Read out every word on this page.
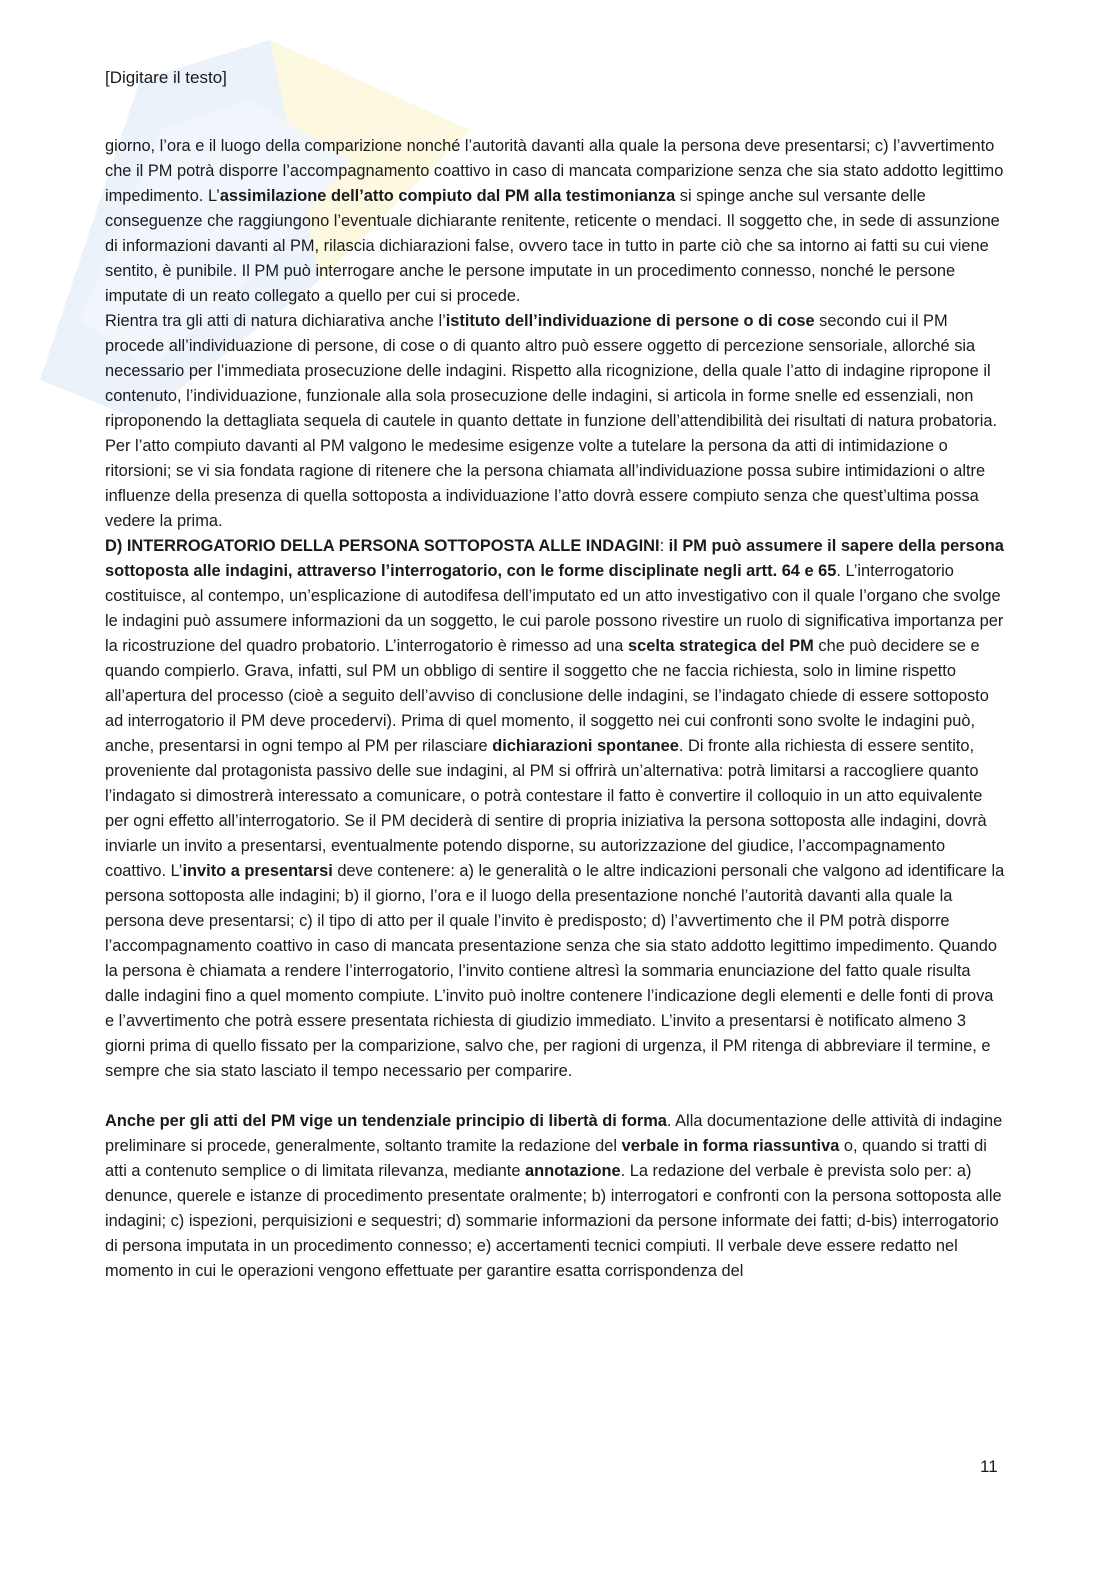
[Digitare il testo]

giorno, l’ora e il luogo della comparizione nonché l’autorità davanti alla quale la persona deve presentarsi; c) l’avvertimento che il PM potrà disporre l’accompagnamento coattivo in caso di mancata comparizione senza che sia stato addotto legittimo impedimento. L’assimilazione dell’atto compiuto dal PM alla testimonianza si spinge anche sul versante delle conseguenze che raggiungono l’eventuale dichiarante renitente, reticente o mendaci. Il soggetto che, in sede di assunzione di informazioni davanti al PM, rilascia dichiarazioni false, ovvero tace in tutto in parte ciò che sa intorno ai fatti su cui viene sentito, è punibile. Il PM può interrogare anche le persone imputate in un procedimento connesso, nonché le persone imputate di un reato collegato a quello per cui si procede.

Rientra tra gli atti di natura dichiarativa anche l’istituto dell’individuazione di persone o di cose secondo cui il PM procede all’individuazione di persone, di cose o di quanto altro può essere oggetto di percezione sensoriale, allorché sia necessario per l’immediata prosecuzione delle indagini. Rispetto alla ricognizione, della quale l’atto di indagine ripropone il contenuto, l’individuazione, funzionale alla sola prosecuzione delle indagini, si articola in forme snelle ed essenziali, non riproponendo la dettagliata sequela di cautele in quanto dettate in funzione dell’attendibilità dei risultati di natura probatoria. Per l’atto compiuto davanti al PM valgono le medesime esigenze volte a tutelare la persona da atti di intimidazione o ritorsioni; se vi sia fondata ragione di ritenere che la persona chiamata all’individuazione possa subire intimidazioni o altre influenze della presenza di quella sottoposta a individuazione l’atto dovrà essere compiuto senza che quest’ultima possa vedere la prima.

D) INTERROGATORIO DELLA PERSONA SOTTOPOSTA ALLE INDAGINI: il PM può assumere il sapere della persona sottoposta alle indagini, attraverso l’interrogatorio, con le forme disciplinate negli artt. 64 e 65. L’interrogatorio costituisce, al contempo, un’esplicazione di autodifesa dell’imputato ed un atto investigativo con il quale l’organo che svolge le indagini può assumere informazioni da un soggetto, le cui parole possono rivestire un ruolo di significativa importanza per la ricostruzione del quadro probatorio. L’interrogatorio è rimesso ad una scelta strategica del PM che può decidere se e quando compierlo. Grava, infatti, sul PM un obbligo di sentire il soggetto che ne faccia richiesta, solo in limine rispetto all’apertura del processo (cioè a seguito dell’avviso di conclusione delle indagini, se l’indagato chiede di essere sottoposto ad interrogatorio il PM deve procedervi). Prima di quel momento, il soggetto nei cui confronti sono svolte le indagini può, anche, presentarsi in ogni tempo al PM per rilasciare dichiarazioni spontanee. Di fronte alla richiesta di essere sentito, proveniente dal protagonista passivo delle sue indagini, al PM si offrirà un’alternativa: potrà limitarsi a raccogliere quanto l’indagato si dimostrerà interessato a comunicare, o potrà contestare il fatto è convertire il colloquio in un atto equivalente per ogni effetto all’interrogatorio. Se il PM deciderà di sentire di propria iniziativa la persona sottoposta alle indagini, dovrà inviarle un invito a presentarsi, eventualmente potendo disporne, su autorizzazione del giudice, l’accompagnamento coattivo. L’invito a presentarsi deve contenere: a) le generalità o le altre indicazioni personali che valgono ad identificare la persona sottoposta alle indagini; b) il giorno, l’ora e il luogo della presentazione nonché l’autorità davanti alla quale la persona deve presentarsi; c) il tipo di atto per il quale l’invito è predisposto; d) l’avvertimento che il PM potrà disporre l’accompagnamento coattivo in caso di mancata presentazione senza che sia stato addotto legittimo impedimento. Quando la persona è chiamata a rendere l’interrogatorio, l’invito contiene altresì la sommaria enunciazione del fatto quale risulta dalle indagini fino a quel momento compiute. L’invito può inoltre contenere l’indicazione degli elementi e delle fonti di prova e l’avvertimento che potrà essere presentata richiesta di giudizio immediato. L’invito a presentarsi è notificato almeno 3 giorni prima di quello fissato per la comparizione, salvo che, per ragioni di urgenza, il PM ritenga di abbreviare il termine, e sempre che sia stato lasciato il tempo necessario per comparire.

Anche per gli atti del PM vige un tendenziale principio di libertà di forma. Alla documentazione delle attività di indagine preliminare si procede, generalmente, soltanto tramite la redazione del verbale in forma riassuntiva o, quando si tratti di atti a contenuto semplice o di limitata rilevanza, mediante annotazione. La redazione del verbale è prevista solo per: a) denunce, querele e istanze di procedimento presentate oralmente; b) interrogatori e confronti con la persona sottoposta alle indagini; c) ispezioni, perquisizioni e sequestri; d) sommarie informazioni da persone informate dei fatti; d-bis) interrogatorio di persona imputata in un procedimento connesso; e) accertamenti tecnici compiuti. Il verbale deve essere redatto nel momento in cui le operazioni vengono effettuate per garantire esatta corrispondenza del

11
